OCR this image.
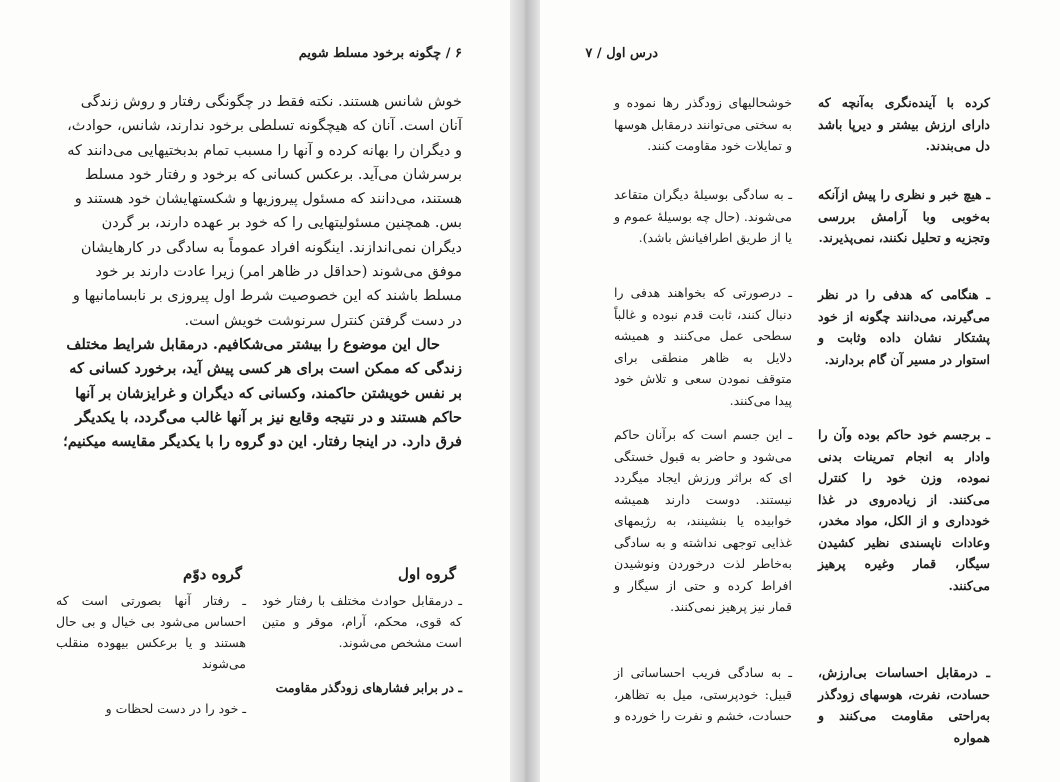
۶ / چگونه برخود مسلط شویم

خوش شانس هستند. نکته فقط در چگونگی رفتار و روش زندگی آنان است. آنان که هیچگونه تسلطی برخود ندارند، شانس، حوادث، و دیگران را بهانه کرده و آنها را مسبب تمام بدبختیهایی می‌دانند که برسرشان می‌آید. برعکس کسانی که برخود و رفتار خود مسلط هستند، می‌دانند که مسئول پیروزیها و شکستهایشان خود هستند و بس. همچنین مسئولیتهایی را که خود بر عهده دارند، بر گردن دیگران نمی‌اندازند. اینگونه افراد عموماً به سادگی در کارهایشان موفق می‌شوند (حداقل در ظاهر امر) زیرا عادت دارند بر خود مسلط باشند که این خصوصیت شرط اول پیروزی بر نابسامانیها و در دست گرفتن کنترل سرنوشت خویش است.

حال این موضوع را بیشتر می‌شکافیم. درمقابل شرایط مختلف زندگی که ممکن است برای هر کسی پیش آید، برخورد کسانی که بر نفس خویشتن حاکمند، وکسانی که دیگران و غرایزشان بر آنها حاکم هستند و در نتیجه وقایع نیز بر آنها غالب می‌گردد، با یکدیگر فرق دارد. در اینجا رفتار. این دو گروه را با یکدیگر مقایسه میکنیم؛

گروه اول
گروه دوّم

ـ درمقابل حوادث مختلف با رفتار خود که قوی، محکم، آرام، موقر و متین است مشخص می‌شوند.

ـ در برابر فشارهای زودگذر مقاومت

ـ رفتار آنها بصورتی است که احساس می‌شود بی خیال و بی حال هستند و یا برعکس بیهوده منقلب می‌شوند

ـ خود را در دست لحظات و

درس اول / ۷
کرده با آینده‌نگری به‌آنچه که دارای ارزش بیشتر و دیرپا باشد دل می‌بندند.
ـ هیچ خبر و نظری را پیش ازآنکه به‌خوبی وبا آرامش بررسی وتجزیه و تحلیل نکنند، نمی‌پذیرند.
ـ هنگامی که هدفی را در نظر می‌گیرند، می‌دانند چگونه از خود پشتکار نشان داده وثابت و استوار در مسیر آن گام بردارند.
ـ برجسم خود حاکم بوده وآن را وادار به انجام تمرینات بدنی نموده، وزن خود را کنترل می‌کنند. از زیاده‌روی در غذا خودداری و از الکل، مواد مخدر، وعادات ناپسندی نظیر کشیدن سیگار، قمار وغیره پرهیز می‌کنند.
ـ درمقابل احساسات بی‌ارزش، حسادت، نفرت، هوسهای زودگذر به‌راحتی مقاومت می‌کنند و همواره
خوشحالیهای زودگذر رها نموده و به سختی می‌توانند درمقابل هوسها و تمایلات خود مقاومت کنند.
ـ به سادگی بوسیلهٔ دیگران متقاعد می‌شوند. (حال چه بوسیلهٔ عموم و یا از طریق اطرافیانش باشد).
ـ درصورتی که بخواهند هدفی را دنبال کنند، ثابت قدم نبوده و غالباً سطحی عمل می‌کنند و همیشه دلایل به ظاهر منطقی برای متوقف نمودن سعی و تلاش خود پیدا می‌کنند.
ـ این جسم است که برآنان حاکم می‌شود و حاضر به قبول خستگی ای که براثر ورزش ایجاد میگردد نیستند. دوست دارند همیشه خوابیده یا بنشینند، به رژیمهای غذایی توجهی نداشته و به سادگی به‌خاطر لذت درخوردن ونوشیدن افراط کرده و حتی از سیگار و قمار نیز پرهیز نمی‌کنند.
ـ به سادگی فریب احساساتی از قبیل: خودپرستی، میل به تظاهر، حسادت، خشم و نفرت را خورده و
